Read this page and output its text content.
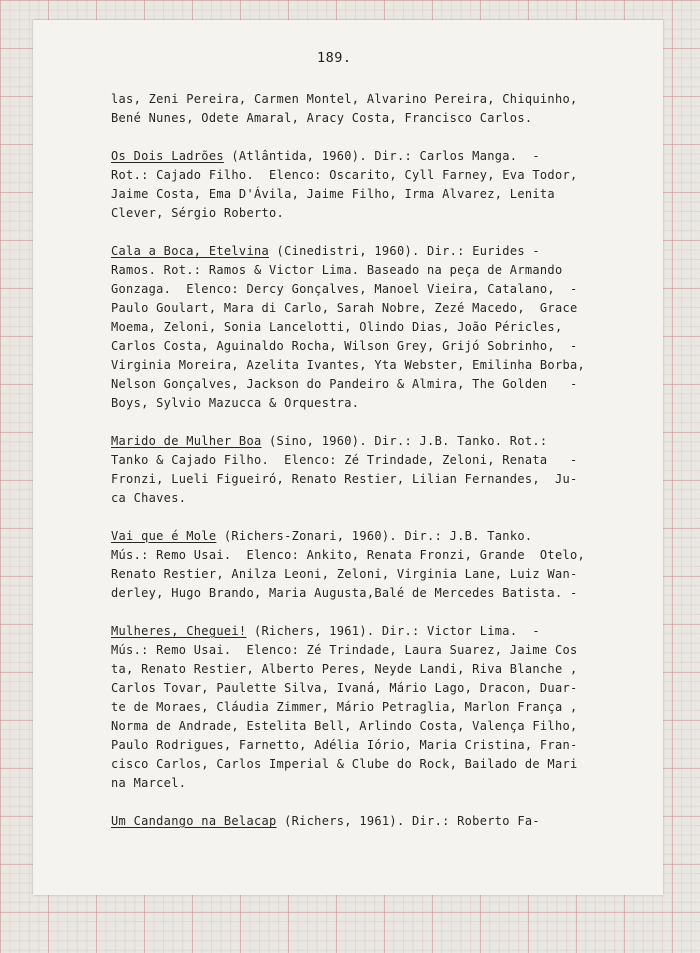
189.
las, Zeni Pereira, Carmen Montel, Alvarino Pereira, Chiquinho,
Bené Nunes, Odete Amaral, Aracy Costa, Francisco Carlos.
Os Dois Ladrões (Atlântida, 1960). Dir.: Carlos Manga.  -
Rot.: Cajado Filho.  Elenco: Oscarito, Cyll Farney, Eva Todor,
Jaime Costa, Ema D'Ávila, Jaime Filho, Irma Alvarez, Lenita
Clever, Sérgio Roberto.
Cala a Boca, Etelvina (Cinedistri, 1960). Dir.: Eurides -
Ramos. Rot.: Ramos & Victor Lima. Baseado na peça de Armando
Gonzaga.  Elenco: Dercy Gonçalves, Manoel Vieira, Catalano,  -
Paulo Goulart, Mara di Carlo, Sarah Nobre, Zezé Macedo,  Grace
Moema, Zeloni, Sonia Lancelotti, Olindo Dias, João Péricles,
Carlos Costa, Aguinaldo Rocha, Wilson Grey, Grijó Sobrinho,  -
Virginia Moreira, Azelita Ivantes, Yta Webster, Emilinha Borba,
Nelson Gonçalves, Jackson do Pandeiro & Almira, The Golden   -
Boys, Sylvio Mazucca & Orquestra.
Marido de Mulher Boa (Sino, 1960). Dir.: J.B. Tanko. Rot.:
Tanko & Cajado Filho.  Elenco: Zé Trindade, Zeloni, Renata   -
Fronzi, Lueli Figueiró, Renato Restier, Lilian Fernandes,  Ju-
ca Chaves.
Vai que é Mole (Richers-Zonari, 1960). Dir.: J.B. Tanko.
Mús.: Remo Usai.  Elenco: Ankito, Renata Fronzi, Grande  Otelo,
Renato Restier, Anilza Leoni, Zeloni, Virginia Lane, Luiz Wan-
derley, Hugo Brando, Maria Augusta,Balé de Mercedes Batista. -
Mulheres, Cheguei! (Richers, 1961). Dir.: Victor Lima.  -
Mús.: Remo Usai.  Elenco: Zé Trindade, Laura Suarez, Jaime Cos
ta, Renato Restier, Alberto Peres, Neyde Landi, Riva Blanche ,
Carlos Tovar, Paulette Silva, Ivaná, Mário Lago, Dracon, Duar-
te de Moraes, Cláudia Zimmer, Mário Petraglia, Marlon França ,
Norma de Andrade, Estelita Bell, Arlindo Costa, Valença Filho,
Paulo Rodrigues, Farnetto, Adélia Iório, Maria Cristina, Fran-
cisco Carlos, Carlos Imperial & Clube do Rock, Bailado de Mari
na Marcel.
Um Candango na Belacap (Richers, 1961). Dir.: Roberto Fa-
